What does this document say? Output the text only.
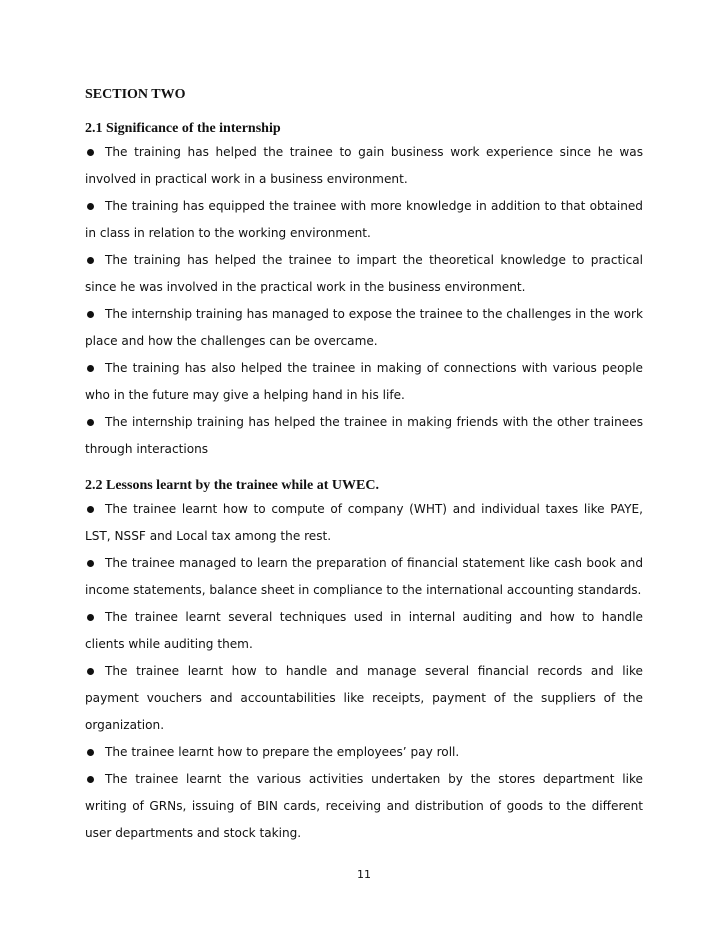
SECTION TWO
2.1 Significance of the internship
The training has helped the trainee to gain business work experience since he was involved in practical work in a business environment.
The training has equipped the trainee with more knowledge in addition to that obtained in class in relation to the working environment.
The training has helped the trainee to impart the theoretical knowledge to practical since he was involved in the practical work in the business environment.
The internship training has managed to expose the trainee to the challenges in the work place and how the challenges can be overcame.
The training has also helped the trainee in making of connections with various people who in the future may give a helping hand in his life.
The internship training has helped the trainee in making friends with the other trainees through interactions
2.2 Lessons learnt by the trainee while at UWEC.
The trainee learnt how to compute of company (WHT) and individual taxes like PAYE, LST, NSSF and Local tax among the rest.
The trainee managed to learn the preparation of financial statement like cash book and income statements, balance sheet in compliance to the international accounting standards.
The trainee learnt several techniques used in internal auditing and how to handle clients while auditing them.
The trainee learnt how to handle and manage several financial records and like payment vouchers and accountabilities like receipts, payment of the suppliers of the organization.
The trainee learnt how to prepare the employees’ pay roll.
The trainee learnt the various activities undertaken by the stores department like writing of GRNs, issuing of BIN cards, receiving and distribution of goods to the different user departments and stock taking.
11
